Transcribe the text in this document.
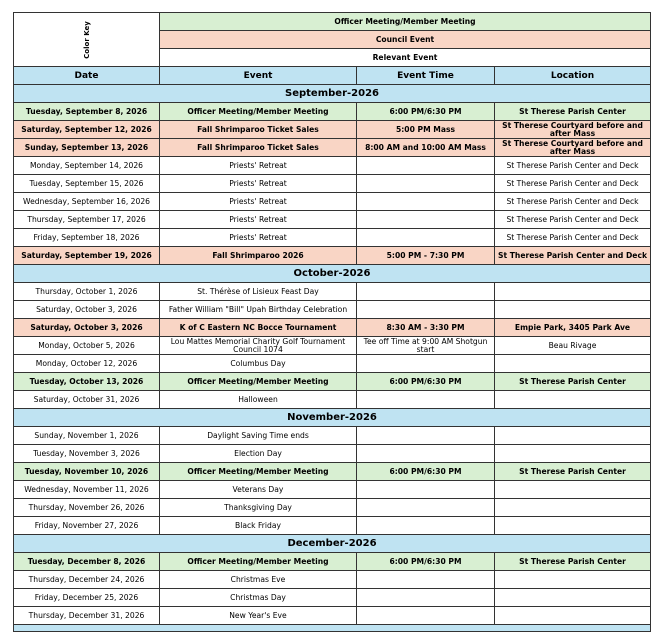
Color Key	Officer Meeting/Member Meeting		
	Council Event		
	Relevant Event		
Date	Event	Event Time	Location
September-2026			
Tuesday, September 8, 2026	Officer Meeting/Member Meeting	6:00 PM/6:30 PM	St Therese Parish Center
Saturday, September 12, 2026	Fall Shrimparoo Ticket Sales	5:00 PM Mass	St Therese Courtyard before and after Mass
Sunday, September 13, 2026	Fall Shrimparoo Ticket Sales	8:00 AM and 10:00 AM Mass	St Therese Courtyard before and after Mass
Monday, September 14, 2026	Priests' Retreat		St Therese Parish Center and Deck
Tuesday, September 15, 2026	Priests' Retreat		St Therese Parish Center and Deck
Wednesday, September 16, 2026	Priests' Retreat		St Therese Parish Center and Deck
Thursday, September 17, 2026	Priests' Retreat		St Therese Parish Center and Deck
Friday, September 18, 2026	Priests' Retreat		St Therese Parish Center and Deck
Saturday, September 19, 2026	Fall Shrimparoo 2026	5:00 PM - 7:30 PM	St Therese Parish Center and Deck
October-2026			
Thursday, October 1, 2026	St. Thérèse of Lisieux Feast Day		
Saturday, October 3, 2026	Father William "Bill" Upah Birthday Celebration		
Saturday, October 3, 2026	K of C Eastern NC Bocce Tournament	8:30 AM - 3:30 PM	Empie Park, 3405 Park Ave
Monday, October 5, 2026	Lou Mattes Memorial Charity Golf Tournament Council 1074	Tee off Time at 9:00 AM Shotgun start	Beau Rivage
Monday, October 12, 2026	Columbus Day		
Tuesday, October 13, 2026	Officer Meeting/Member Meeting	6:00 PM/6:30 PM	St Therese Parish Center
Saturday, October 31, 2026	Halloween		
November-2026			
Sunday, November 1, 2026	Daylight Saving Time ends		
Tuesday, November 3, 2026	Election Day		
Tuesday, November 10, 2026	Officer Meeting/Member Meeting	6:00 PM/6:30 PM	St Therese Parish Center
Wednesday, November 11, 2026	Veterans Day		
Thursday, November 26, 2026	Thanksgiving Day		
Friday, November 27, 2026	Black Friday		
December-2026			
Tuesday, December 8, 2026	Officer Meeting/Member Meeting	6:00 PM/6:30 PM	St Therese Parish Center
Thursday, December 24, 2026	Christmas Eve		
Friday, December 25, 2026	Christmas Day		
Thursday, December 31, 2026	New Year's Eve		
